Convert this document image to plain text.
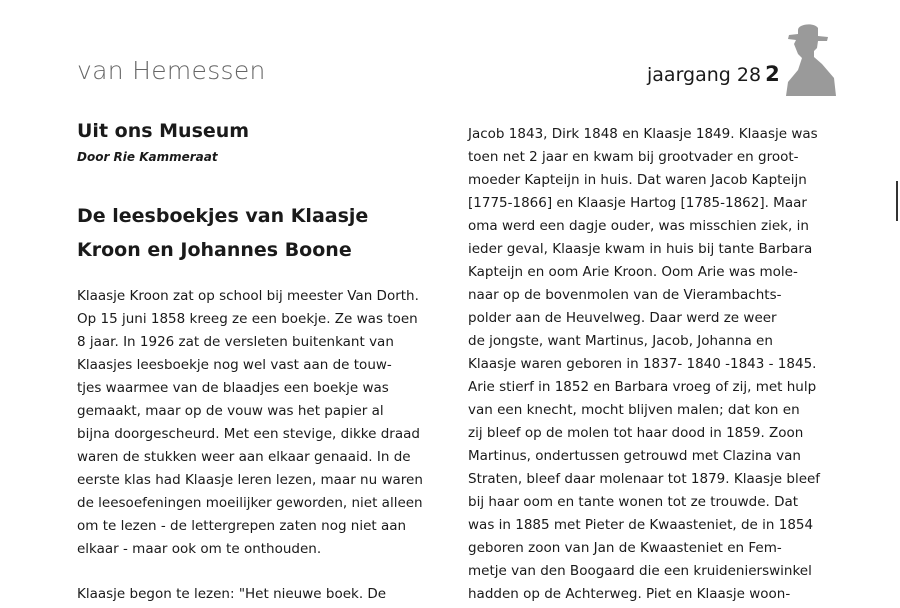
van Hemessen	jaargang 28 2
Uit ons Museum
Door Rie Kammeraat
De leesboekjes van Klaasje
Kroon en Johannes Boone
Klaasje Kroon zat op school bij meester Van Dorth.
Op 15 juni 1858 kreeg ze een boekje. Ze was toen
8 jaar. In 1926 zat de versleten buitenkant van
Klaasjes leesboekje nog wel vast aan de touw-
tjes waarmee van de blaadjes een boekje was
gemaakt, maar op de vouw was het papier al
bijna doorgescheurd. Met een stevige, dikke draad
waren de stukken weer aan elkaar genaaid. In de
eerste klas had Klaasje leren lezen, maar nu waren
de leesoefeningen moeilijker geworden, niet alleen
om te lezen - de lettergrepen zaten nog niet aan
elkaar - maar ook om te onthouden.
Klaasje begon te lezen: "Het nieuwe boek. De
Jacob 1843, Dirk 1848 en Klaasje 1849. Klaasje was
toen net 2 jaar en kwam bij grootvader en groot-
moeder Kapteijn in huis. Dat waren Jacob Kapteijn
[1775-1866] en Klaasje Hartog [1785-1862]. Maar
oma werd een dagje ouder, was misschien ziek, in
ieder geval, Klaasje kwam in huis bij tante Barbara
Kapteijn en oom Arie Kroon. Oom Arie was mole-
naar op de bovenmolen van de Vierambachts-
polder aan de Heuvelweg. Daar werd ze weer
de jongste, want Martinus, Jacob, Johanna en
Klaasje waren geboren in 1837- 1840 -1843 - 1845.
Arie stierf in 1852 en Barbara vroeg of zij, met hulp
van een knecht, mocht blijven malen; dat kon en
zij bleef op de molen tot haar dood in 1859. Zoon
Martinus, ondertussen getrouwd met Clazina van
Straten, bleef daar molenaar tot 1879. Klaasje bleef
bij haar oom en tante wonen tot ze trouwde. Dat
was in 1885 met Pieter de Kwaasteniet, de in 1854
geboren zoon van Jan de Kwaasteniet en Fem-
metje van den Boogaard die een kruidenierswinkel
hadden op de Achterweg. Piet en Klaasje woon-
